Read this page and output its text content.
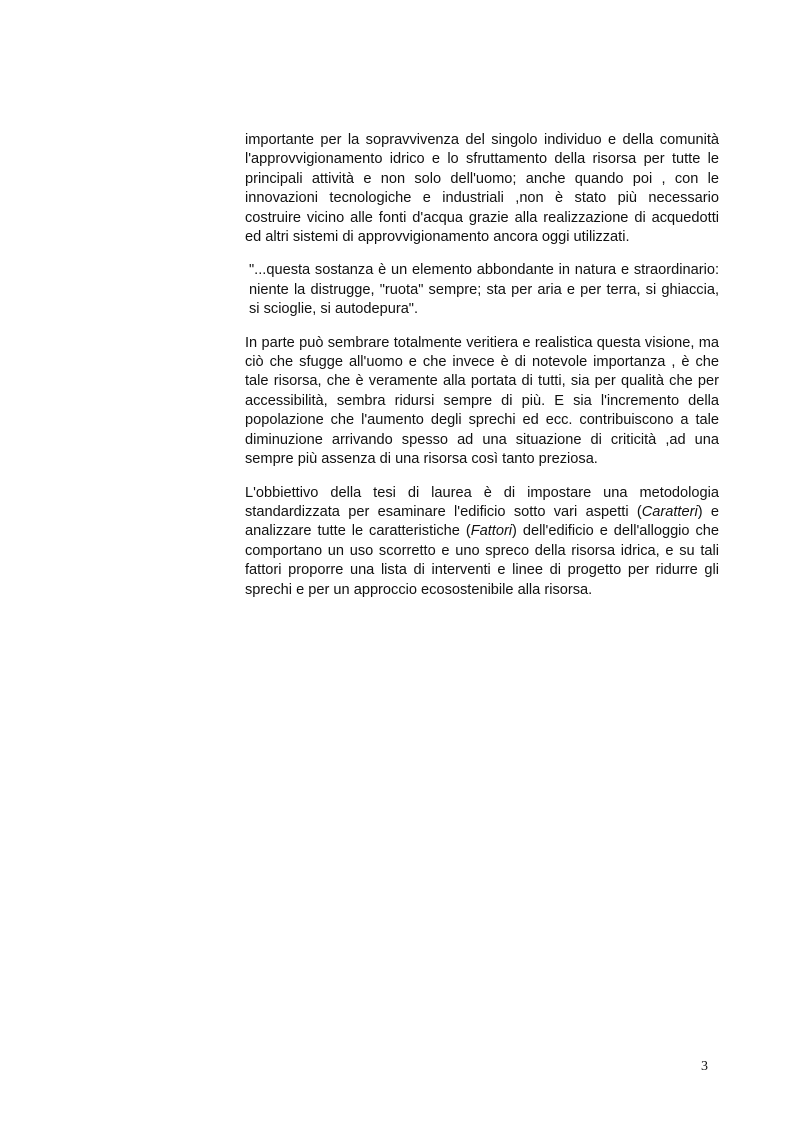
importante per la sopravvivenza del singolo individuo e della comunità l'approvvigionamento idrico e lo sfruttamento della risorsa per tutte le principali attività e non solo dell'uomo; anche quando poi , con le innovazioni tecnologiche e industriali ,non è stato più necessario costruire vicino alle fonti d'acqua grazie alla realizzazione di acquedotti ed altri sistemi di approvvigionamento ancora oggi utilizzati.

"...questa sostanza è un elemento abbondante in natura e straordinario: niente la distrugge, "ruota" sempre; sta per aria e per terra, si ghiaccia, si scioglie, si autodepura".

In parte può sembrare totalmente veritiera e realistica questa visione, ma ciò che sfugge all'uomo e che invece è di notevole importanza , è che tale risorsa, che è veramente alla portata di tutti, sia per qualità che per accessibilità, sembra ridursi sempre di più. E sia l'incremento della popolazione che l'aumento degli sprechi ed ecc. contribuiscono a tale diminuzione arrivando spesso ad una situazione di criticità ,ad una sempre più assenza di una risorsa così tanto preziosa.

L'obbiettivo della tesi di laurea è di impostare una metodologia standardizzata per esaminare l'edificio sotto vari aspetti (Caratteri) e analizzare tutte le caratteristiche (Fattori) dell'edificio e dell'alloggio che comportano un uso scorretto e uno spreco della risorsa idrica, e su tali fattori proporre una lista di interventi e linee di progetto per ridurre gli sprechi e per un approccio ecosostenibile alla risorsa.

3
